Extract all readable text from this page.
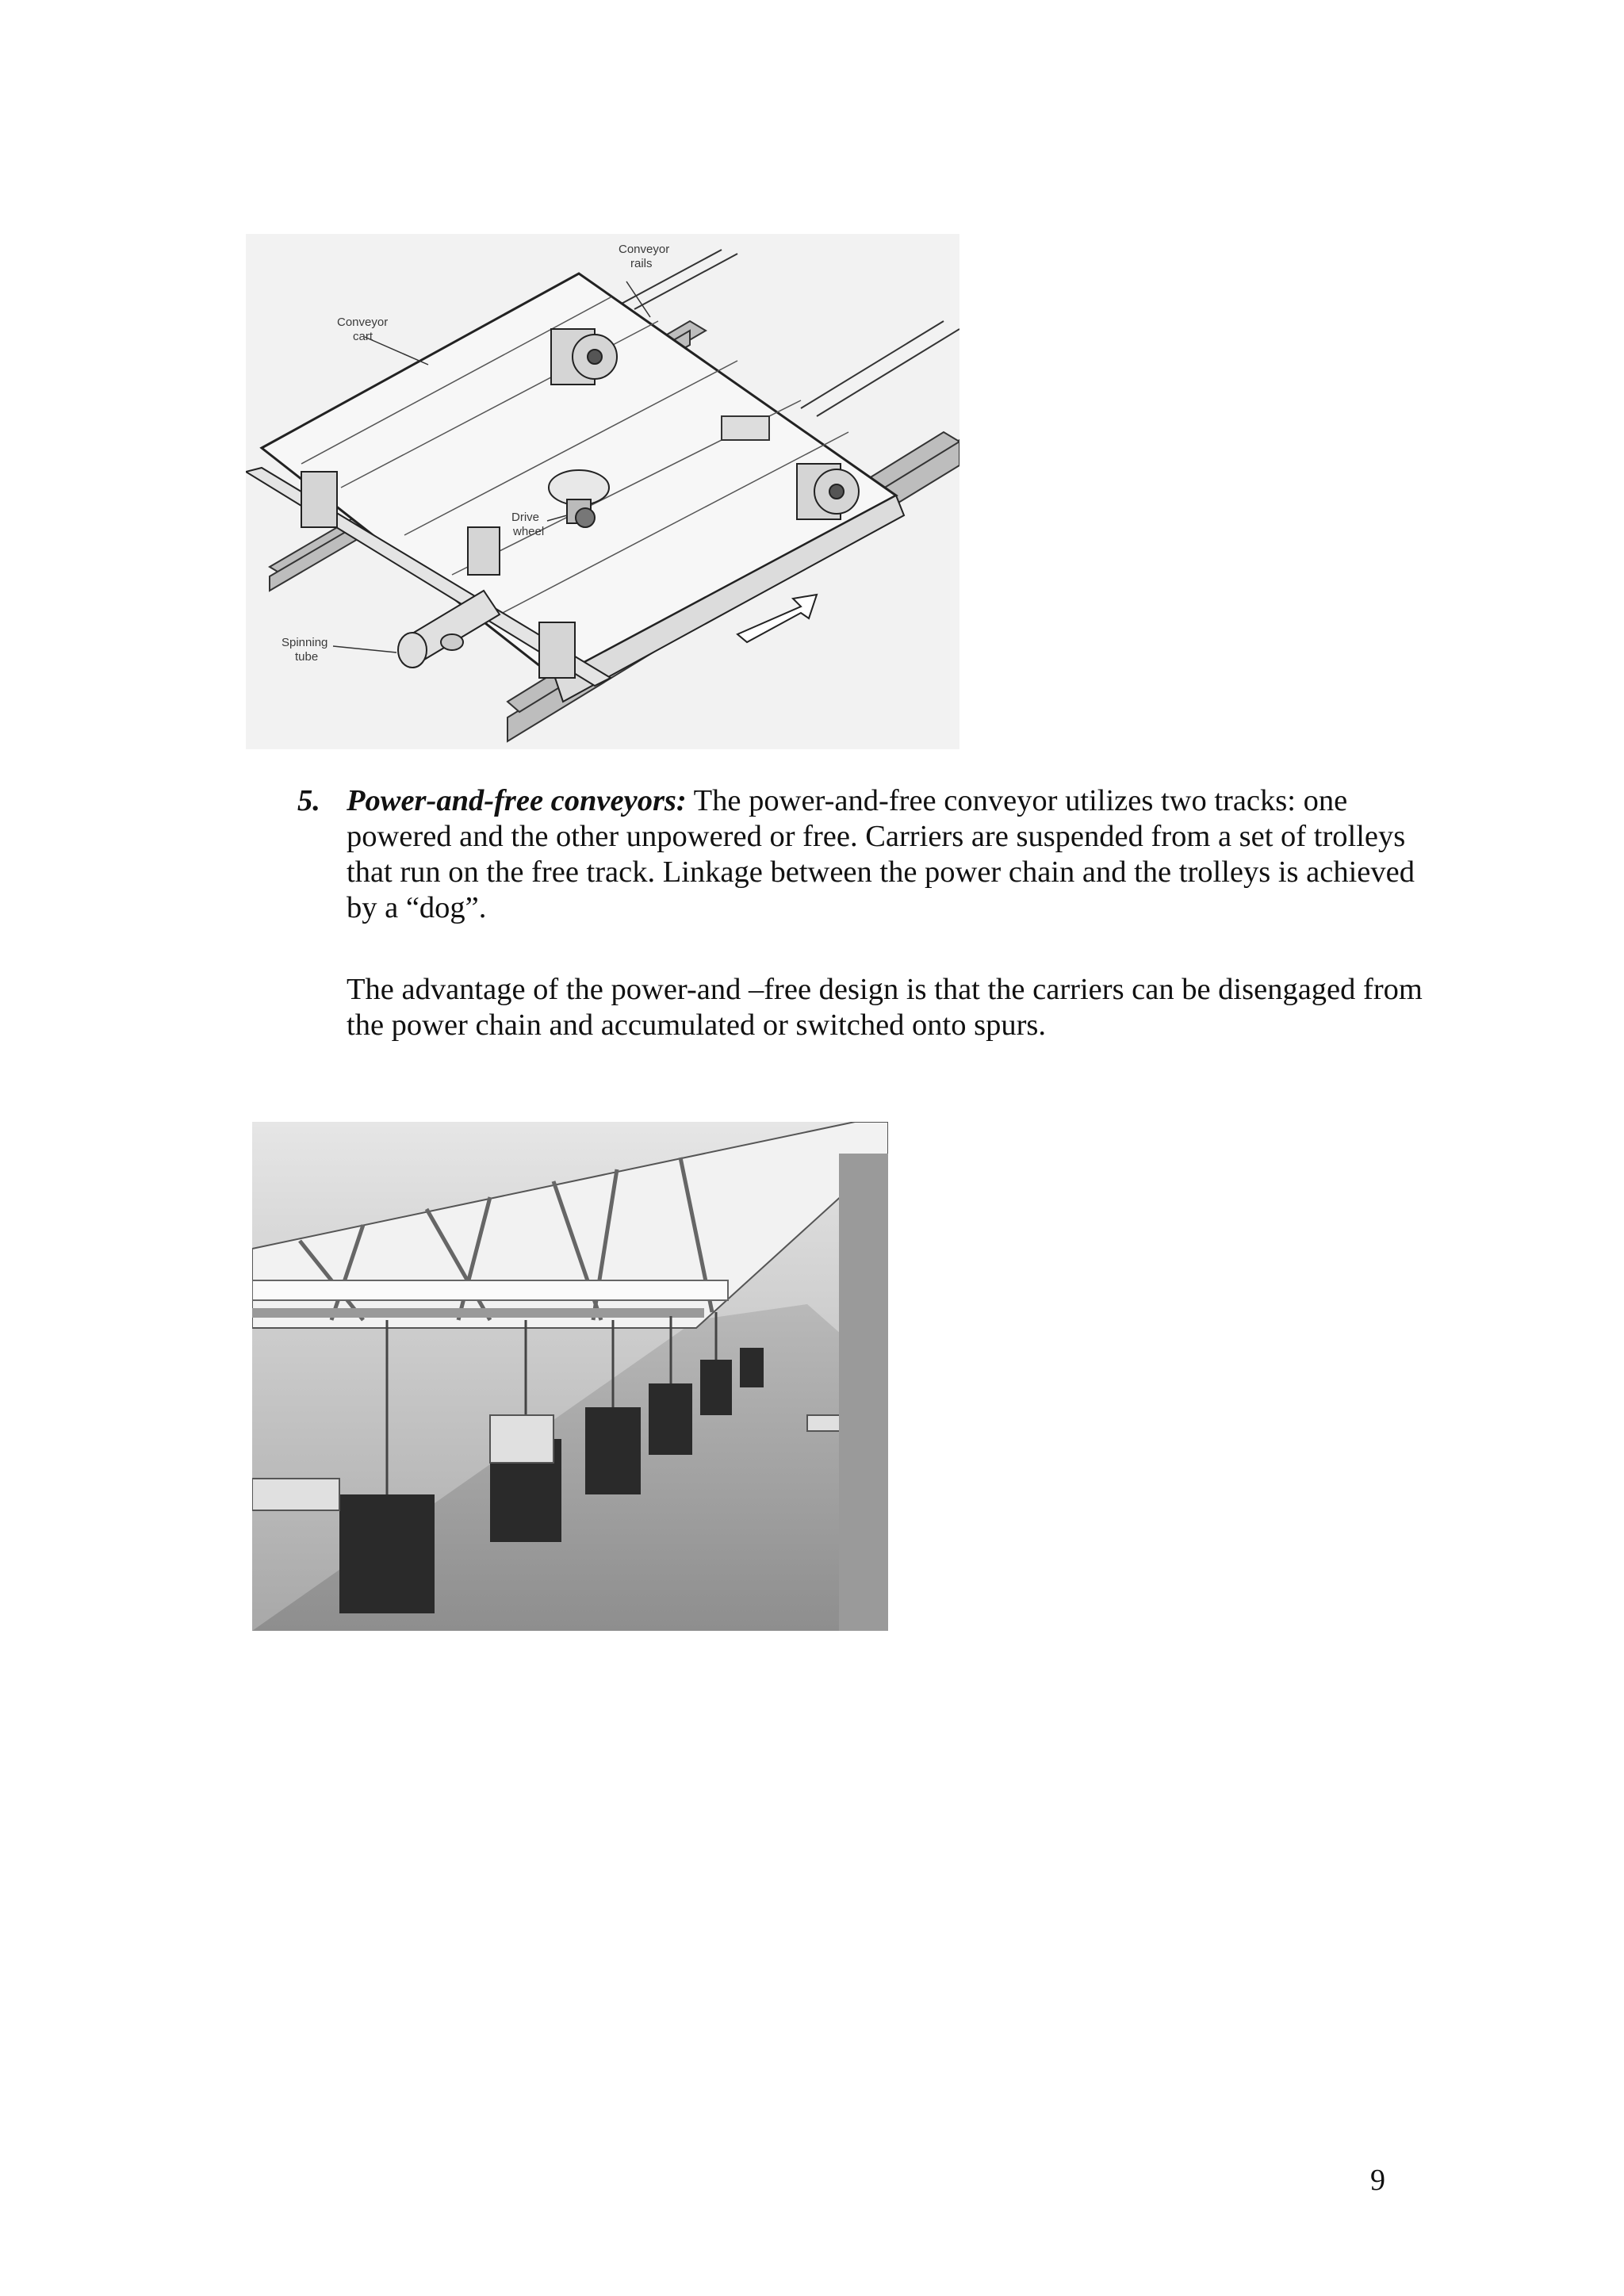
Conveyor
rails
Conveyor
cart
Drive
wheel
Spinning
tube
5. Power-and-free conveyors: The power-and-free conveyor utilizes two tracks: one powered and the other unpowered or free. Carriers are suspended from a set of trolleys that run on the free track. Linkage between the power chain and the trolleys is achieved by a “dog”.
The advantage of the power-and –free design is that the carriers can be disengaged from the power chain and accumulated or switched onto spurs.
9
